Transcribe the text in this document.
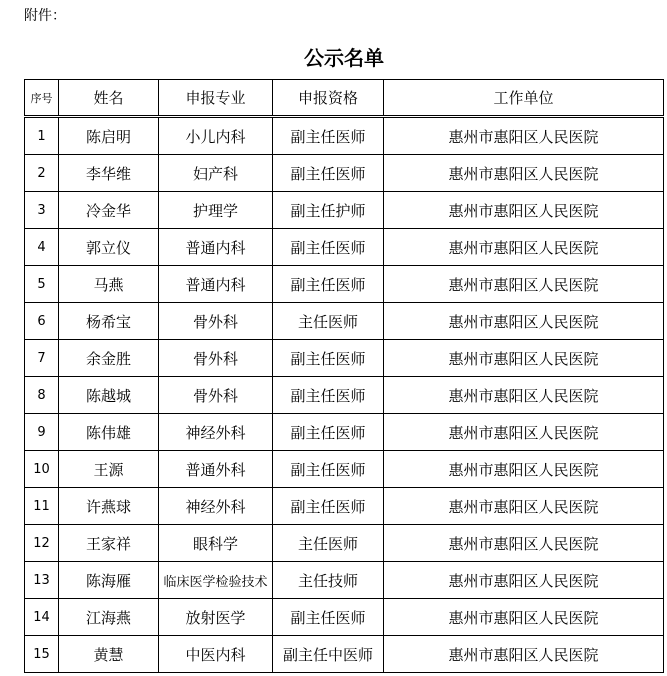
附件：
公示名单
序号	姓名	申报专业	申报资格	工作单位
1	陈启明	小儿内科	副主任医师	惠州市惠阳区人民医院
2	李华维	妇产科	副主任医师	惠州市惠阳区人民医院
3	冷金华	护理学	副主任护师	惠州市惠阳区人民医院
4	郭立仪	普通内科	副主任医师	惠州市惠阳区人民医院
5	马燕	普通内科	副主任医师	惠州市惠阳区人民医院
6	杨希宝	骨外科	主任医师	惠州市惠阳区人民医院
7	余金胜	骨外科	副主任医师	惠州市惠阳区人民医院
8	陈越城	骨外科	副主任医师	惠州市惠阳区人民医院
9	陈伟雄	神经外科	副主任医师	惠州市惠阳区人民医院
10	王源	普通外科	副主任医师	惠州市惠阳区人民医院
11	许燕球	神经外科	副主任医师	惠州市惠阳区人民医院
12	王家祥	眼科学	主任医师	惠州市惠阳区人民医院
13	陈海雁	临床医学检验技术	主任技师	惠州市惠阳区人民医院
14	江海燕	放射医学	副主任医师	惠州市惠阳区人民医院
15	黄慧	中医内科	副主任中医师	惠州市惠阳区人民医院
